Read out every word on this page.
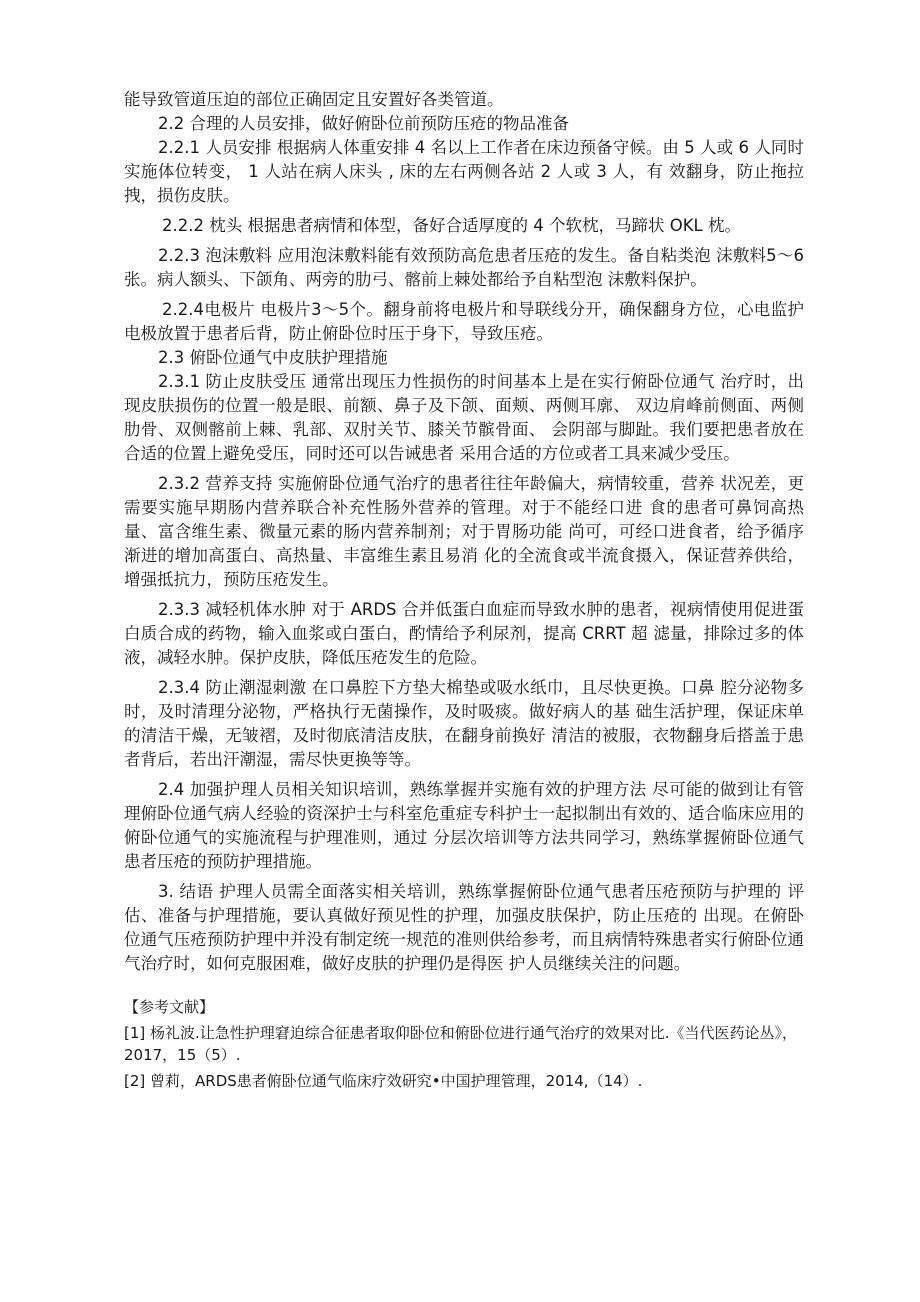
能导致管道压迫的部位正确固定且安置好各类管道。

2.2 合理的人员安排，做好俯卧位前预防压疮的物品准备

2.2.1 人员安排 根据病人体重安排 4 名以上工作者在床边预备守候。由 5 人或 6 人同时实施体位转变， 1 人站在病人床头 , 床的左右两侧各站 2 人或 3 人，有 效翻身，防止拖拉拽，损伤皮肤。

2.2.2 枕头 根据患者病情和体型，备好合适厚度的 4 个软枕，马蹄状 OKL 枕。

2.2.3 泡沫敷料 应用泡沫敷料能有效预防高危患者压疮的发生。备自粘类泡 沫敷料5～6张。病人额头、下颌角、两旁的肋弓、髂前上棘处都给予自粘型泡 沫敷料保护。

2.2.4电极片 电极片3～5个。翻身前将电极片和导联线分开，确保翻身方位，心电监护电极放置于患者后背，防止俯卧位时压于身下，导致压疮。

2.3 俯卧位通气中皮肤护理措施

2.3.1 防止皮肤受压 通常出现压力性损伤的时间基本上是在实行俯卧位通气 治疗时，出现皮肤损伤的位置一般是眼、前额、鼻子及下颌、面颊、两侧耳廓、 双边肩峰前侧面、两侧肋骨、双侧髂前上棘、乳部、双肘关节、膝关节髌骨面、 会阴部与脚趾。我们要把患者放在合适的位置上避免受压，同时还可以告诫患者 采用合适的方位或者工具来减少受压。

2.3.2 营养支持 实施俯卧位通气治疗的患者往往年龄偏大，病情较重，营养 状况差，更需要实施早期肠内营养联合补充性肠外营养的管理。对于不能经口进 食的患者可鼻饲高热量、富含维生素、微量元素的肠内营养制剂；对于胃肠功能 尚可，可经口进食者，给予循序渐进的增加高蛋白、高热量、丰富维生素且易消 化的全流食或半流食摄入，保证营养供给，增强抵抗力，预防压疮发生。

2.3.3 减轻机体水肿 对于 ARDS 合并低蛋白血症而导致水肿的患者，视病情使用促进蛋白质合成的药物，输入血浆或白蛋白，酌情给予利尿剂，提高 CRRT 超 滤量，排除过多的体液，减轻水肿。保护皮肤，降低压疮发生的危险。

2.3.4 防止潮湿刺激 在口鼻腔下方垫大棉垫或吸水纸巾，且尽快更换。口鼻 腔分泌物多时，及时清理分泌物，严格执行无菌操作，及时吸痰。做好病人的基 础生活护理，保证床单的清洁干燥，无皱褶，及时彻底清洁皮肤，在翻身前换好 清洁的被服，衣物翻身后搭盖于患者背后，若出汗潮湿，需尽快更换等等。

2.4 加强护理人员相关知识培训，熟练掌握并实施有效的护理方法 尽可能的做到让有管理俯卧位通气病人经验的资深护士与科室危重症专科护士一起拟制出有效的、适合临床应用的俯卧位通气的实施流程与护理准则，通过 分层次培训等方法共同学习，熟练掌握俯卧位通气患者压疮的预防护理措施。

3. 结语 护理人员需全面落实相关培训，熟练掌握俯卧位通气患者压疮预防与护理的 评估、准备与护理措施，要认真做好预见性的护理，加强皮肤保护，防止压疮的 出现。在俯卧位通气压疮预防护理中并没有制定统一规范的准则供给参考，而且病情特殊患者实行俯卧位通气治疗时，如何克服困难，做好皮肤的护理仍是得医 护人员继续关注的问题。

【参考文献】

[1] 杨礼波.让急性护理窘迫综合征患者取仰卧位和俯卧位进行通气治疗的效果对比.《当代医药论丛》，2017，15（5）.

[2] 曾莉，ARDS患者俯卧位通气临床疗效研究•中国护理管理，2014,（14）.
